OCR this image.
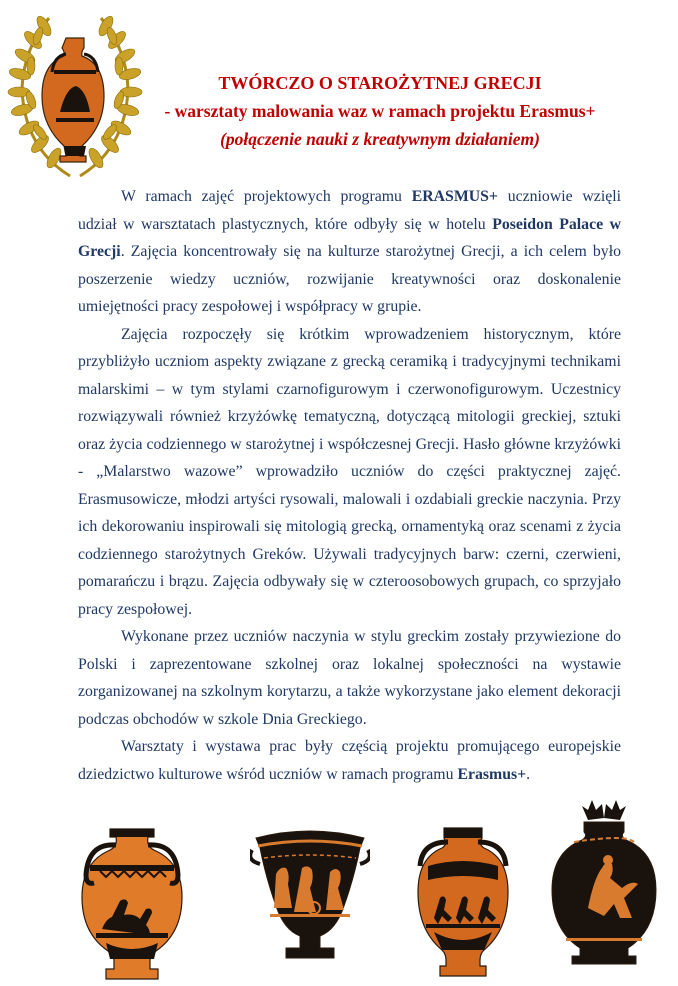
TWÓRCZO O STAROŻYTNEJ GRECJI
- warsztaty malowania waz w ramach projektu Erasmus+
(połączenie nauki z kreatywnym działaniem)

W ramach zajęć projektowych programu ERASMUS+ uczniowie wzięli udział w warsztatach plastycznych, które odbyły się w hotelu Poseidon Palace w Grecji. Zajęcia koncentrowały się na kulturze starożytnej Grecji, a ich celem było poszerzenie wiedzy uczniów, rozwijanie kreatywności oraz doskonalenie umiejętności pracy zespołowej i współpracy w grupie.

Zajęcia rozpoczęły się krótkim wprowadzeniem historycznym, które przybliżyło uczniom aspekty związane z grecką ceramiką i tradycyjnymi technikami malarskimi – w tym stylami czarnofigurowym i czerwonofigurowym. Uczestnicy rozwiązywali również krzyżówkę tematyczną, dotyczącą mitologii greckiej, sztuki oraz życia codziennego w starożytnej i współczesnej Grecji. Hasło główne krzyżówki - „Malarstwo wazowe” wprowadziło uczniów do części praktycznej zajęć. Erasmusowicze, młodzi artyści rysowali, malowali i ozdabiali greckie naczynia. Przy ich dekorowaniu inspirowali się mitologią grecką, ornamentyką oraz scenami z życia codziennego starożytnych Greków. Używali tradycyjnych barw: czerni, czerwieni, pomarańczu i brązu. Zajęcia odbywały się w czteroosobowych grupach, co sprzyjało pracy zespołowej.

Wykonane przez uczniów naczynia w stylu greckim zostały przywiezione do Polski i zaprezentowane szkolnej oraz lokalnej społeczności na wystawie zorganizowanej na szkolnym korytarzu, a także wykorzystane jako element dekoracji podczas obchodów w szkole Dnia Greckiego.

Warsztaty i wystawa prac były częścią projektu promującego europejskie dziedzictwo kulturowe wśród uczniów w ramach programu Erasmus+.
